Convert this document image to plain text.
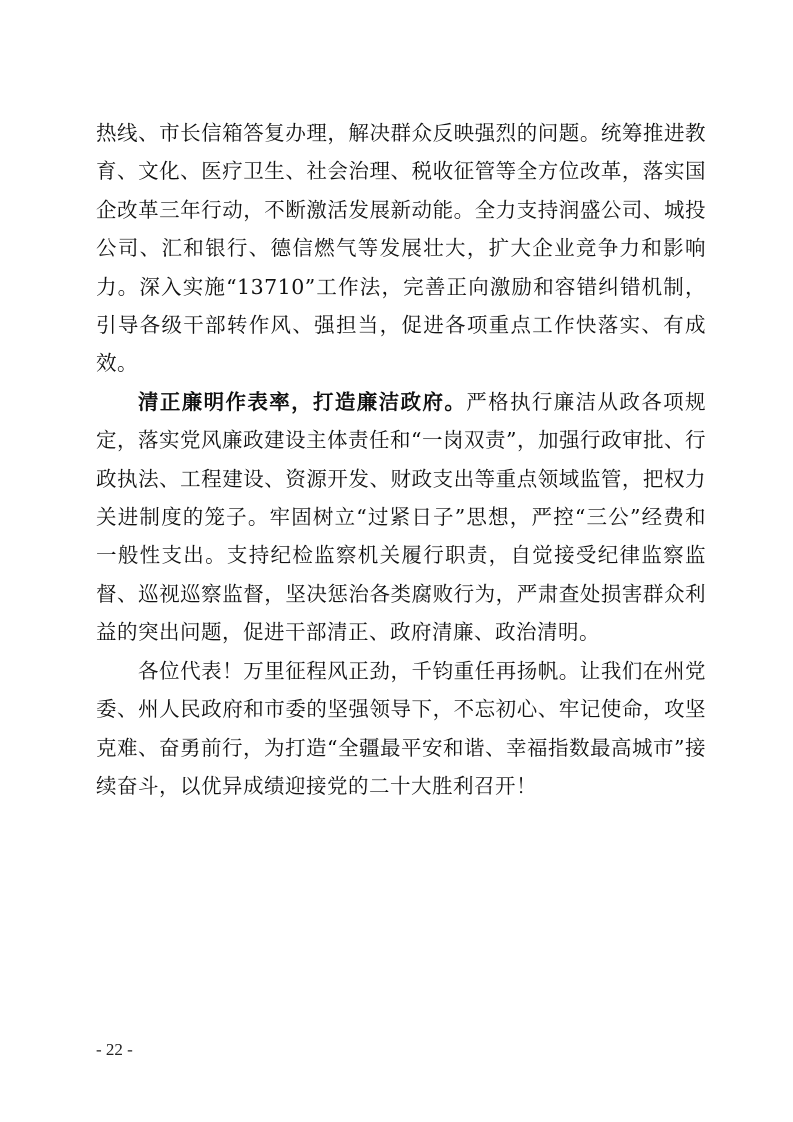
热线、市长信箱答复办理，解决群众反映强烈的问题。统筹推进教育、文化、医疗卫生、社会治理、税收征管等全方位改革，落实国企改革三年行动，不断激活发展新动能。全力支持润盛公司、城投公司、汇和银行、德信燃气等发展壮大，扩大企业竞争力和影响力。深入实施“13710”工作法，完善正向激励和容错纠错机制，引导各级干部转作风、强担当，促进各项重点工作快落实、有成效。

清正廉明作表率，打造廉洁政府。严格执行廉洁从政各项规定，落实党风廉政建设主体责任和“一岗双责”，加强行政审批、行政执法、工程建设、资源开发、财政支出等重点领域监管，把权力关进制度的笼子。牢固树立“过紧日子”思想，严控“三公”经费和一般性支出。支持纪检监察机关履行职责，自觉接受纪律监察监督、巡视巡察监督，坚决惩治各类腐败行为，严肃查处损害群众利益的突出问题，促进干部清正、政府清廉、政治清明。

各位代表！万里征程风正劲，千钧重任再扬帆。让我们在州党委、州人民政府和市委的坚强领导下，不忘初心、牢记使命，攻坚克难、奋勇前行，为打造“全疆最平安和谐、幸福指数最高城市”接续奋斗，以优异成绩迎接党的二十大胜利召开！

- 22 -
